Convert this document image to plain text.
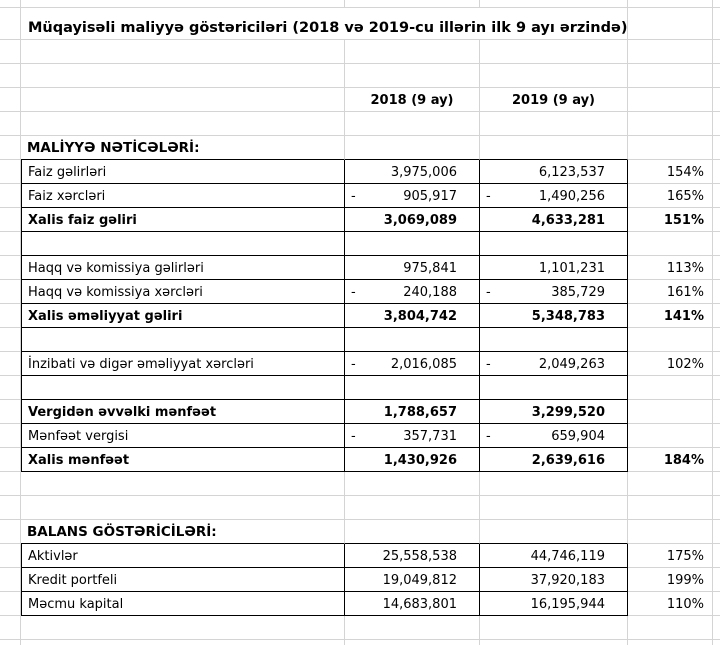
Müqayisəli maliyyə göstəriciləri (2018 və 2019-cu illərin ilk 9 ayı ərzində)
2018 (9 ay)	2019 (9 ay)
MALİYYƏ NƏTİCƏLƏRİ:
Faiz gəlirləri	3,975,006	6,123,537	154%
Faiz xərcləri	-	905,917 -	1,490,256	165%
Xalis faiz gəliri	3,069,089	4,633,281	151%
Haqq və komissiya gəlirləri	975,841	1,101,231	113%
Haqq və komissiya xərcləri	-	240,188 -	385,729	161%
Xalis əməliyyat gəliri	3,804,742	5,348,783	141%
İnzibati və digər əməliyyat xərcləri	-	2,016,085 -	2,049,263	102%
Vergidən əvvəlki mənfəət	1,788,657	3,299,520
Mənfəət vergisi	-	357,731 -	659,904
Xalis mənfəət	1,430,926	2,639,616	184%
BALANS GÖSTƏRİCİLƏRİ:
Aktivlər	25,558,538	44,746,119	175%
Kredit portfeli	19,049,812	37,920,183	199%
Məcmu kapital	14,683,801	16,195,944	110%
